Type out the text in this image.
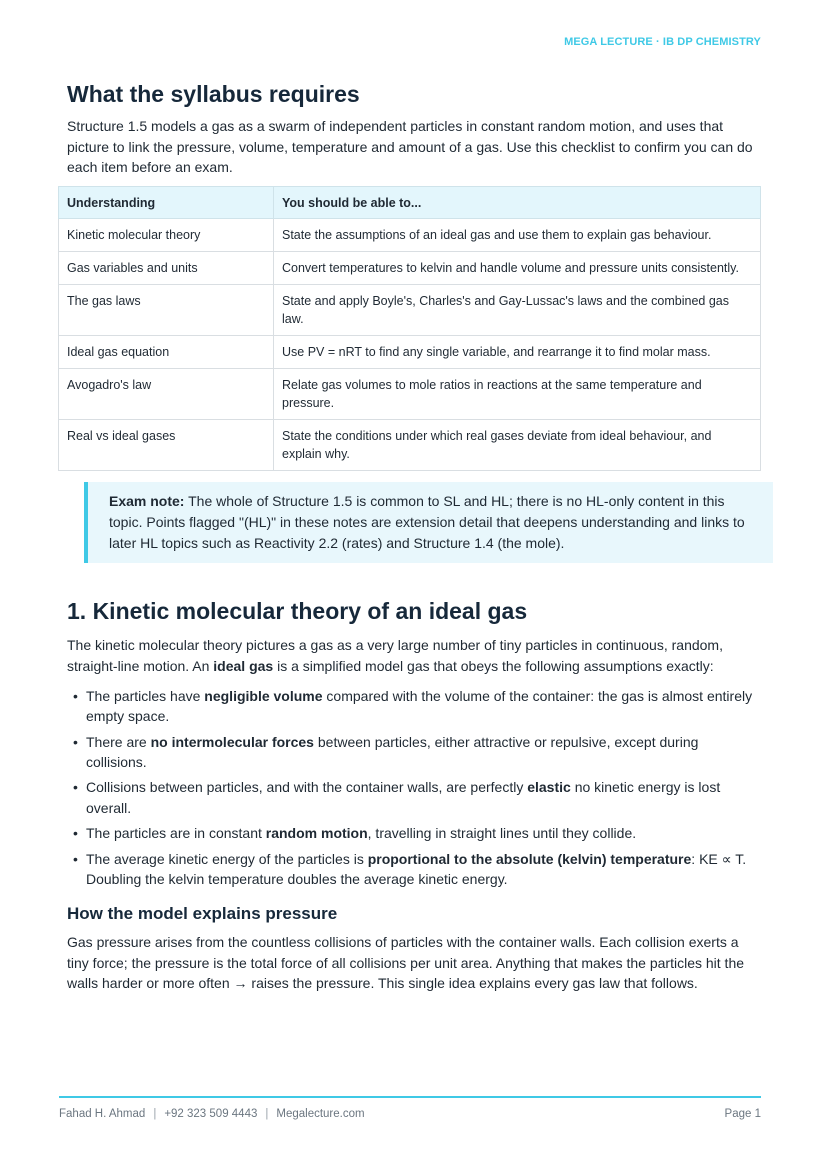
MEGA LECTURE · IB DP CHEMISTRY
What the syllabus requires

Structure 1.5 models a gas as a swarm of independent particles in constant random motion, and uses that picture to link the pressure, volume, temperature and amount of a gas. Use this checklist to confirm you can do each item before an exam.

Understanding	You should be able to...
Kinetic molecular theory	State the assumptions of an ideal gas and use them to explain gas behaviour.
Gas variables and units	Convert temperatures to kelvin and handle volume and pressure units consistently.
The gas laws	State and apply Boyle's, Charles's and Gay-Lussac's laws and the combined gas law.
Ideal gas equation	Use PV = nRT to find any single variable, and rearrange it to find molar mass.
Avogadro's law	Relate gas volumes to mole ratios in reactions at the same temperature and pressure.
Real vs ideal gases	State the conditions under which real gases deviate from ideal behaviour, and explain why.
Exam note: The whole of Structure 1.5 is common to SL and HL; there is no HL-only content in this topic. Points flagged "(HL)" in these notes are extension detail that deepens understanding and links to later HL topics such as Reactivity 2.2 (rates) and Structure 1.4 (the mole).
1. Kinetic molecular theory of an ideal gas

The kinetic molecular theory pictures a gas as a very large number of tiny particles in continuous, random, straight-line motion. An ideal gas is a simplified model gas that obeys the following assumptions exactly:

• The particles have negligible volume compared with the volume of the container: the gas is almost entirely empty space.
• There are no intermolecular forces between particles, either attractive or repulsive, except during collisions.
• Collisions between particles, and with the container walls, are perfectly elastic no kinetic energy is lost overall.
• The particles are in constant random motion, travelling in straight lines until they collide.
• The average kinetic energy of the particles is proportional to the absolute (kelvin) temperature: KE ∝ T. Doubling the kelvin temperature doubles the average kinetic energy.
How the model explains pressure

Gas pressure arises from the countless collisions of particles with the container walls. Each collision exerts a tiny force; the pressure is the total force of all collisions per unit area. Anything that makes the particles hit the walls harder or more often → raises the pressure. This single idea explains every gas law that follows.

Fahad H. Ahmad | +92 323 509 4443 | Megalecture.com	Page 1
